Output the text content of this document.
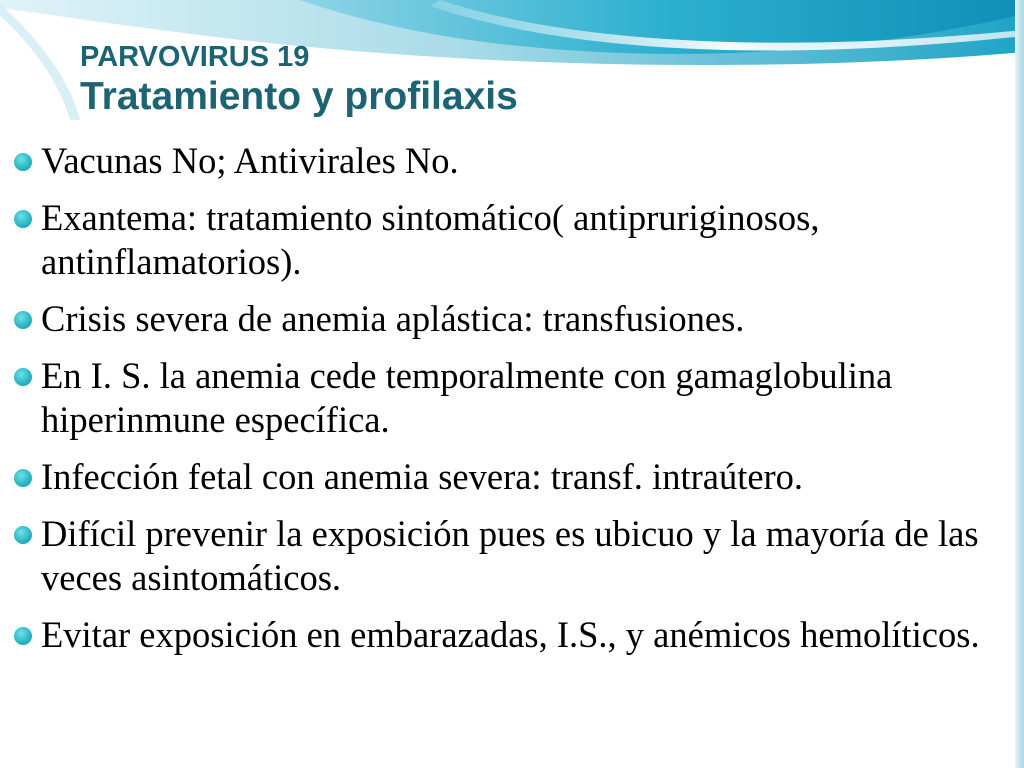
PARVOVIRUS 19
Tratamiento y profilaxis
Vacunas No; Antivirales No.
Exantema: tratamiento sintomático( antipruriginosos, antinflamatorios).
Crisis severa de anemia aplástica: transfusiones.
En I. S. la anemia cede temporalmente con gamaglobulina hiperinmune específica.
Infección fetal con anemia severa: transf. intraútero.
Difícil prevenir la exposición pues es ubicuo y la mayoría de las veces asintomáticos.
Evitar exposición en embarazadas, I.S., y anémicos hemolíticos.
